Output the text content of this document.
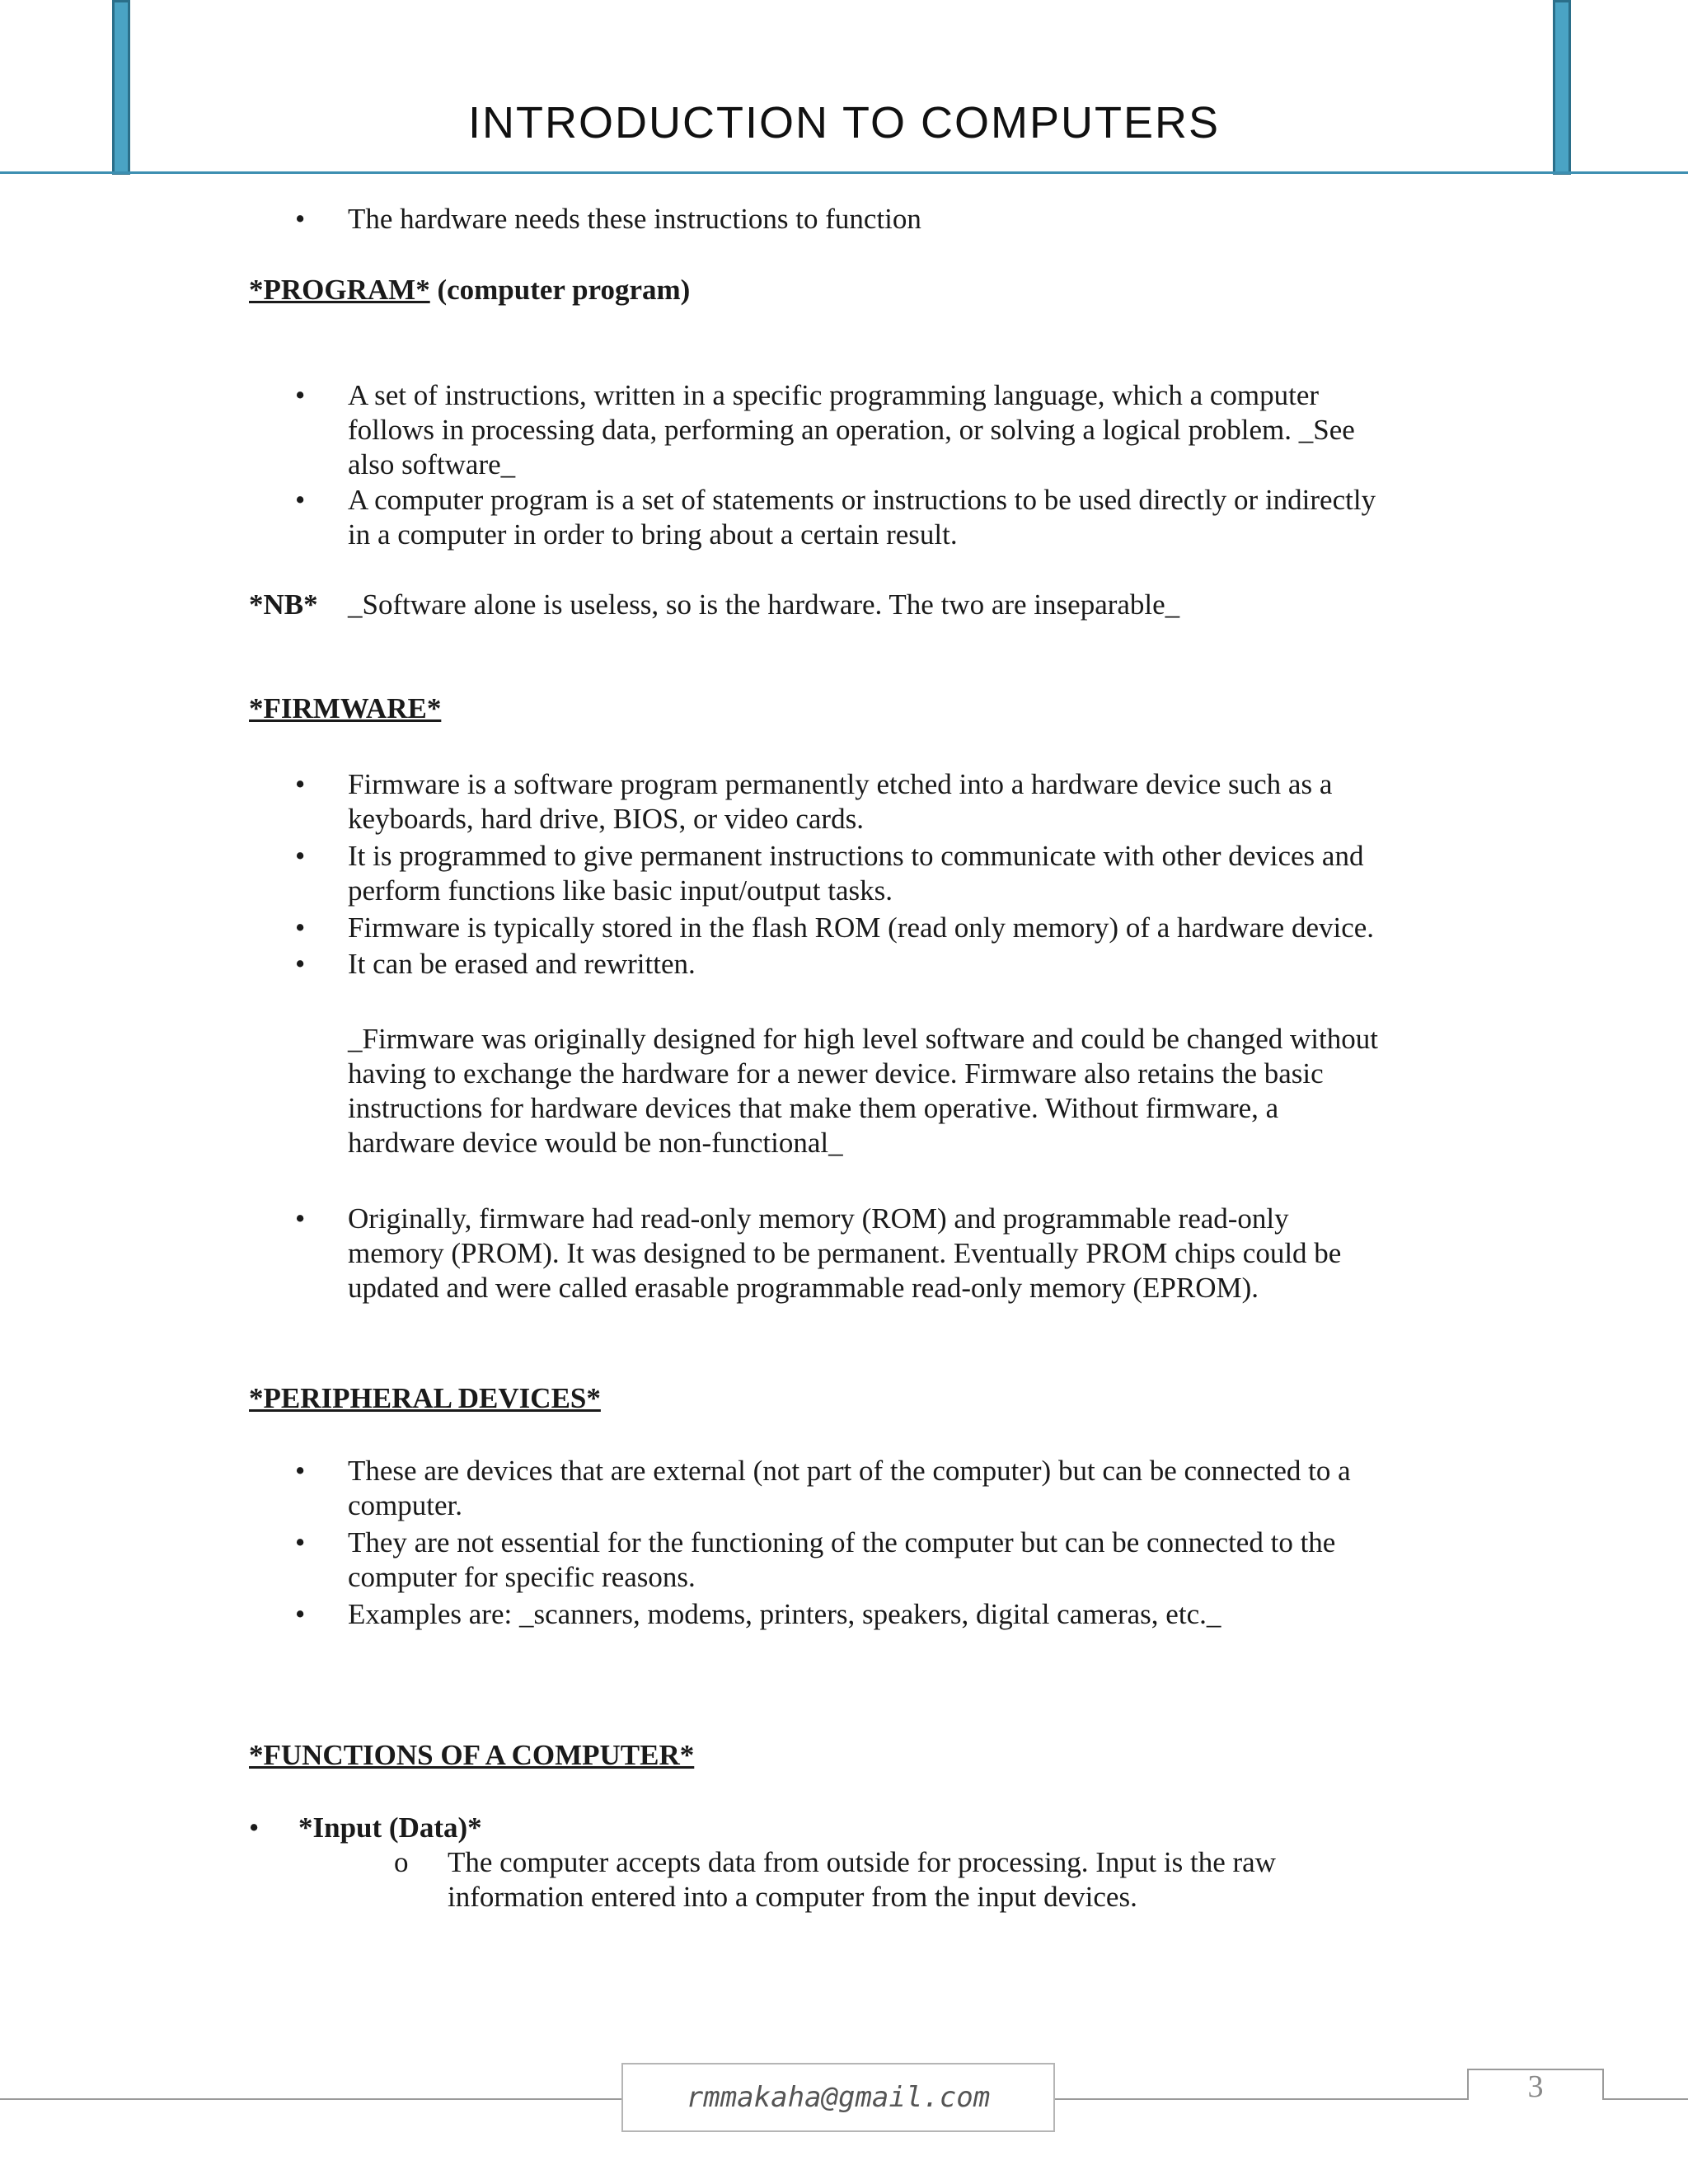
INTRODUCTION TO COMPUTERS
• The hardware needs these instructions to function
*PROGRAM* (computer program)
• A set of instructions, written in a specific programming language, which a computer
follows in processing data, performing an operation, or solving a logical problem. _See
also software_
• A computer program is a set of statements or instructions to be used directly or indirectly
in a computer in order to bring about a certain result.
*NB* _Software alone is useless, so is the hardware. The two are inseparable_
*FIRMWARE*
• Firmware is a software program permanently etched into a hardware device such as a
keyboards, hard drive, BIOS, or video cards.
• It is programmed to give permanent instructions to communicate with other devices and
perform functions like basic input/output tasks.
• Firmware is typically stored in the flash ROM (read only memory) of a hardware device.
• It can be erased and rewritten.
_Firmware was originally designed for high level software and could be changed without
having to exchange the hardware for a newer device. Firmware also retains the basic
instructions for hardware devices that make them operative. Without firmware, a
hardware device would be non-functional_
• Originally, firmware had read-only memory (ROM) and programmable read-only
memory (PROM). It was designed to be permanent. Eventually PROM chips could be
updated and were called erasable programmable read-only memory (EPROM).
*PERIPHERAL DEVICES*
• These are devices that are external (not part of the computer) but can be connected to a
computer.
• They are not essential for the functioning of the computer but can be connected to the
computer for specific reasons.
• Examples are: _scanners, modems, printers, speakers, digital cameras, etc._
*FUNCTIONS OF A COMPUTER*
• *Input (Data)*
o The computer accepts data from outside for processing. Input is the raw
information entered into a computer from the input devices.
rmmakaha@gmail.com	3
